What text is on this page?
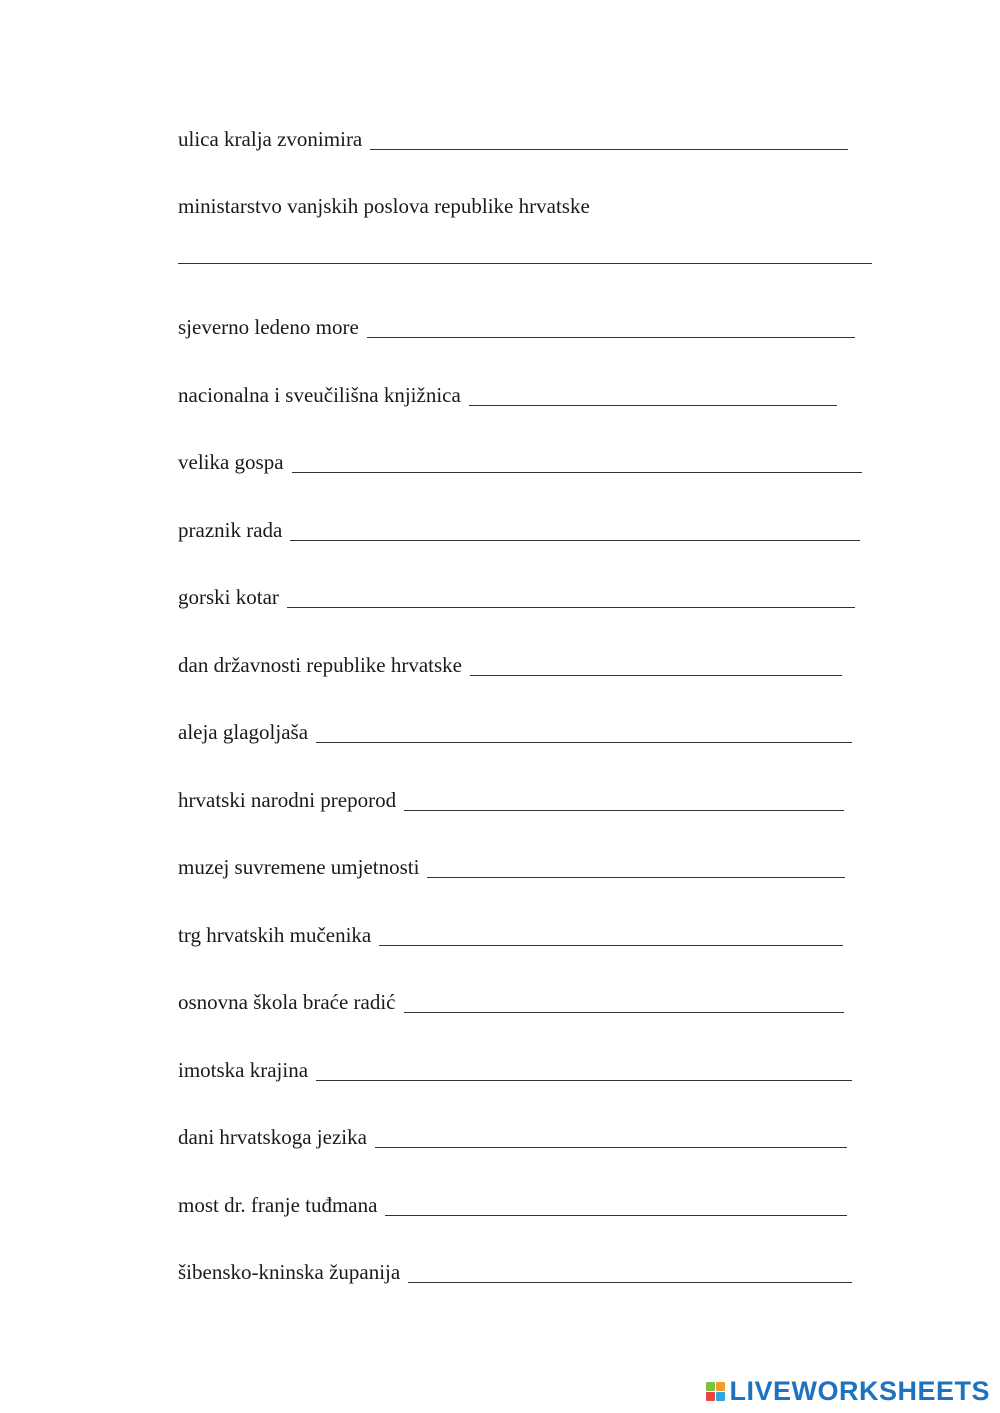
ulica kralja zvonimira
ministarstvo vanjskih poslova republike hrvatske
sjeverno ledeno more
nacionalna i sveučilišna knjižnica
velika gospa
praznik rada
gorski kotar
dan državnosti republike hrvatske
aleja glagoljaša
hrvatski narodni preporod
muzej suvremene umjetnosti
trg hrvatskih mučenika
osnovna škola braće radić
imotska krajina
dani hrvatskoga jezika
most dr. franje tuđmana
šibensko-kninska županija
LIVEWORKSHEETS
